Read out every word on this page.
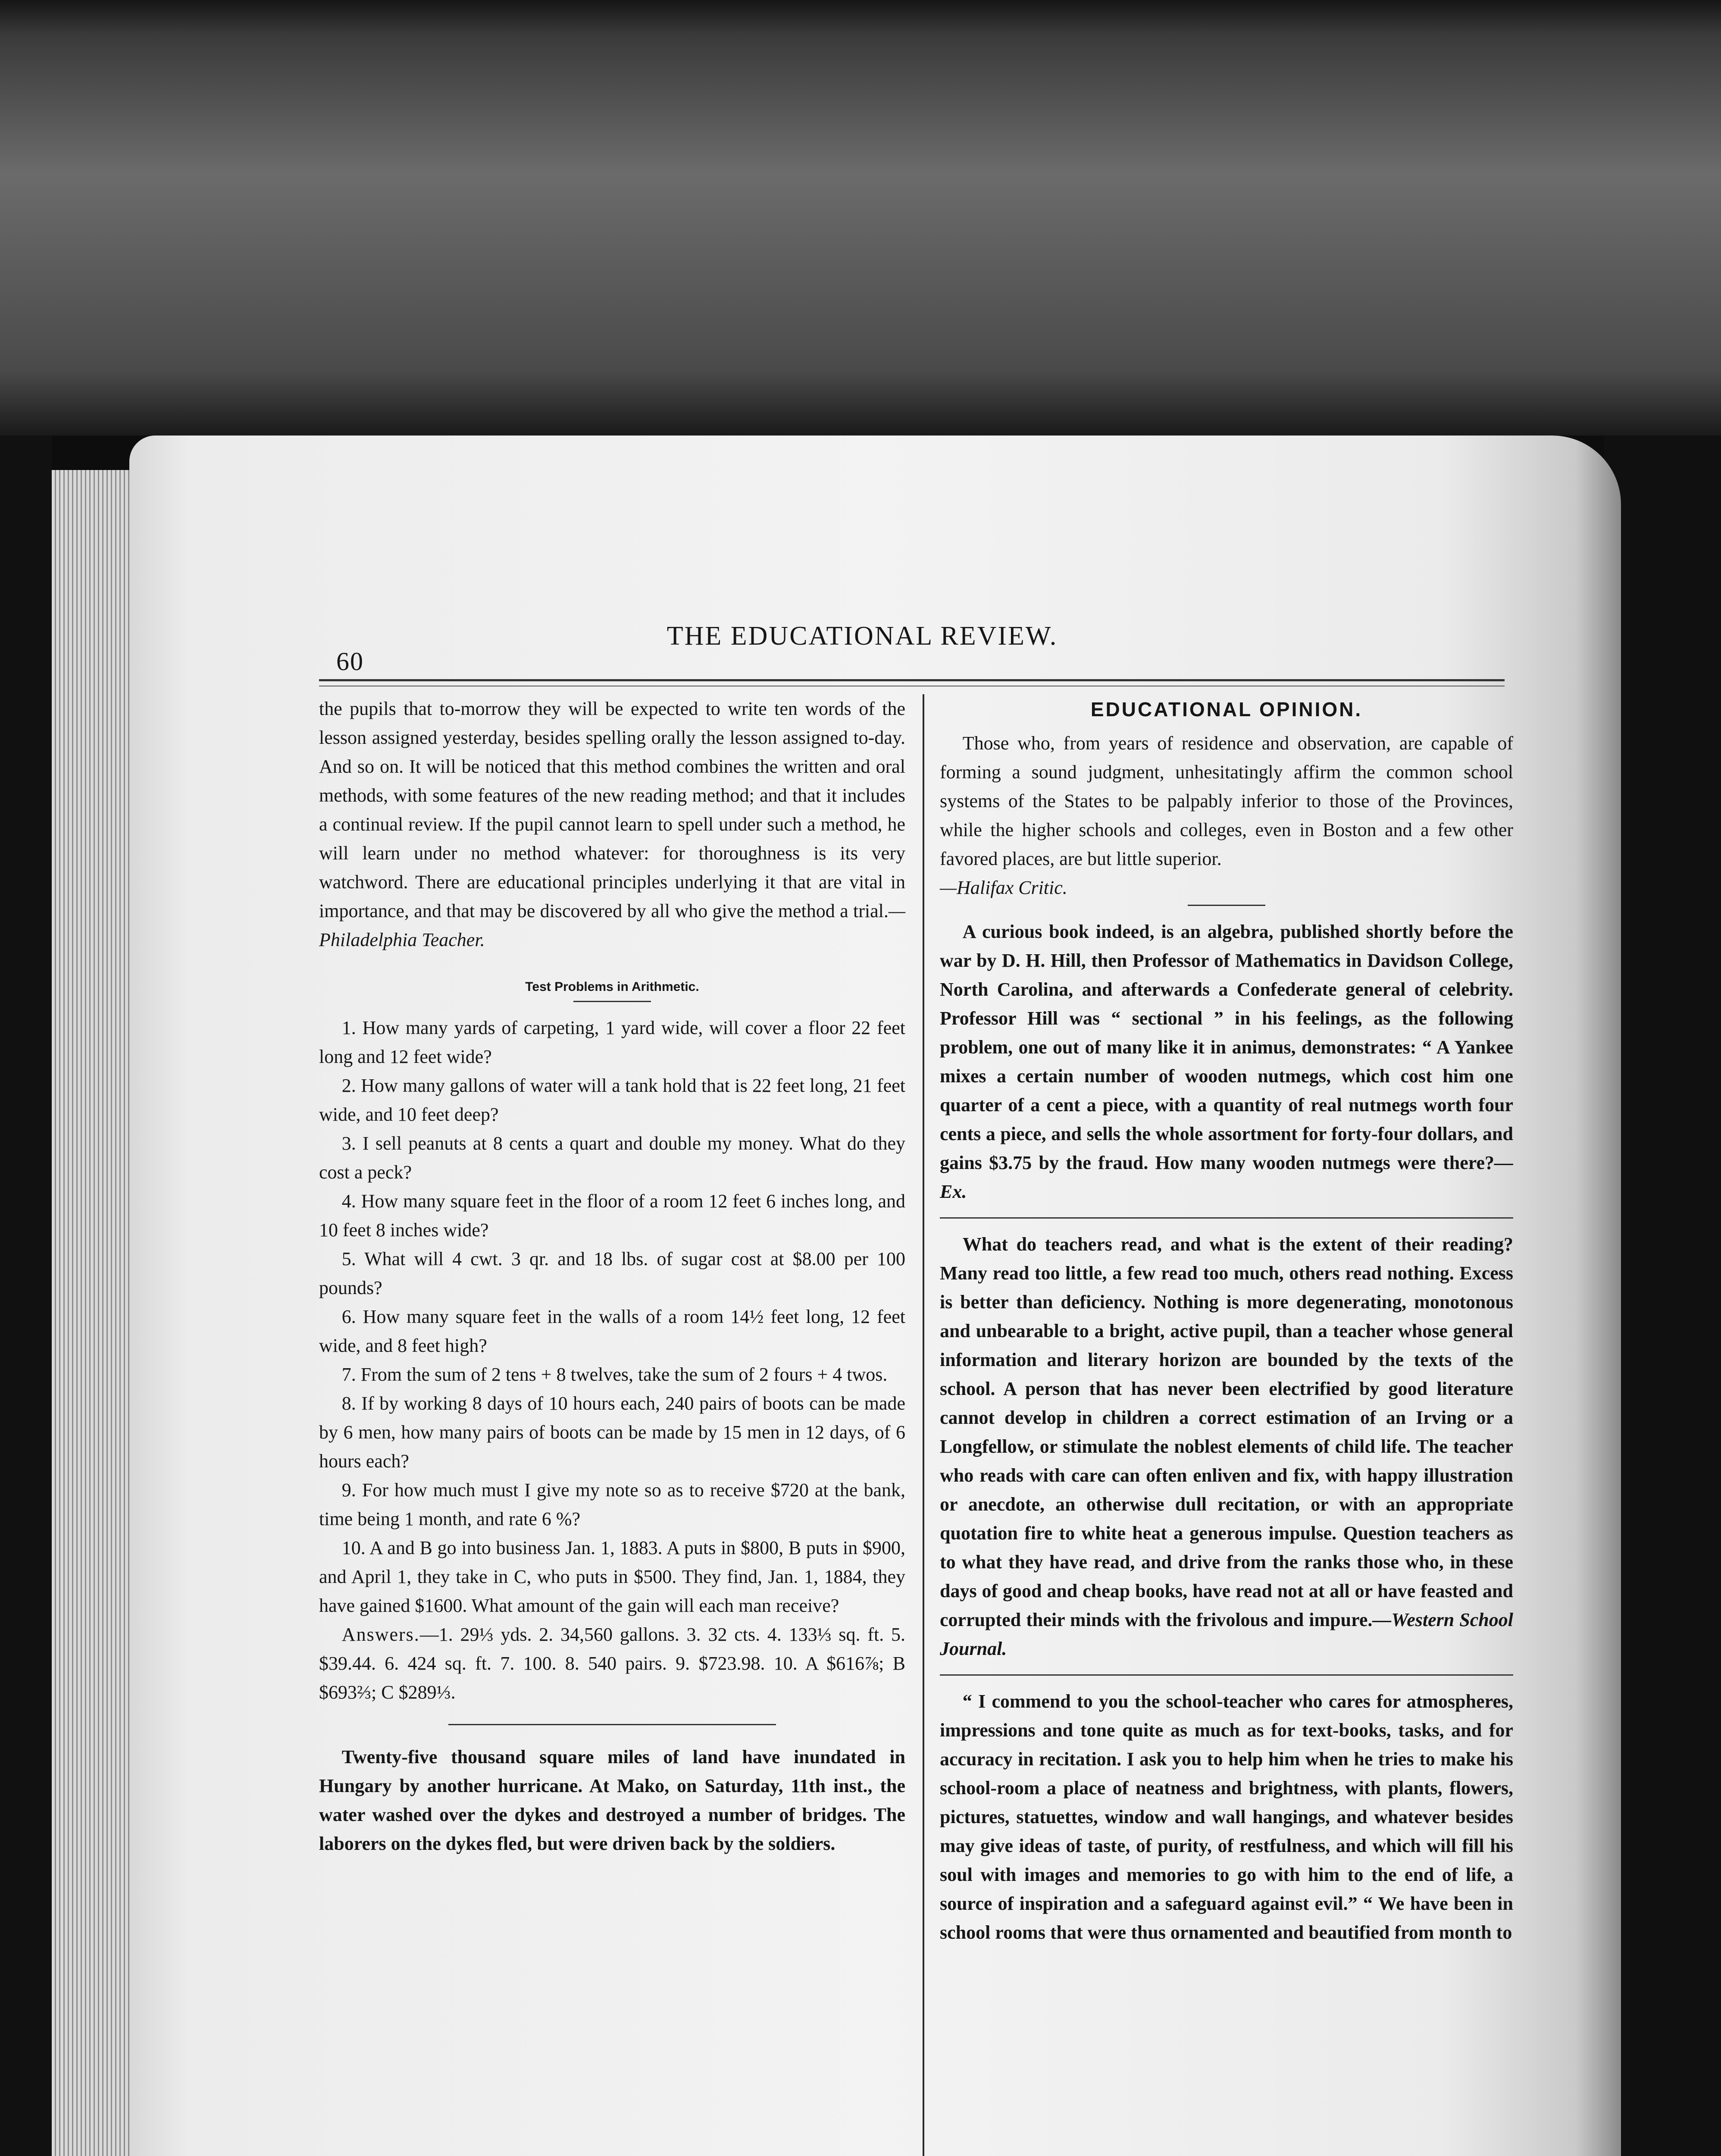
60
THE EDUCATIONAL REVIEW.

the pupils that to-morrow they will be expected to write ten words of the lesson assigned yesterday, besides spelling orally the lesson assigned to-day. And so on. It will be noticed that this method combines the written and oral methods, with some features of the new reading method; and that it includes a continual review. If the pupil cannot learn to spell under such a method, he will learn under no method whatever: for thoroughness is its very watchword. There are educational principles underlying it that are vital in importance, and that may be discovered by all who give the method a trial.—Philadelphia Teacher.

Test Problems in Arithmetic.

1. How many yards of carpeting, 1 yard wide, will cover a floor 22 feet long and 12 feet wide?

2. How many gallons of water will a tank hold that is 22 feet long, 21 feet wide, and 10 feet deep?

3. I sell peanuts at 8 cents a quart and double my money. What do they cost a peck?

4. How many square feet in the floor of a room 12 feet 6 inches long, and 10 feet 8 inches wide?

5. What will 4 cwt. 3 qr. and 18 lbs. of sugar cost at $8.00 per 100 pounds?

6. How many square feet in the walls of a room 14½ feet long, 12 feet wide, and 8 feet high?

7. From the sum of 2 tens + 8 twelves, take the sum of 2 fours + 4 twos.

8. If by working 8 days of 10 hours each, 240 pairs of boots can be made by 6 men, how many pairs of boots can be made by 15 men in 12 days, of 6 hours each?

9. For how much must I give my note so as to receive $720 at the bank, time being 1 month, and rate 6 %?

10. A and B go into business Jan. 1, 1883. A puts in $800, B puts in $900, and April 1, they take in C, who puts in $500. They find, Jan. 1, 1884, they have gained $1600. What amount of the gain will each man receive?

Answers.—1. 29⅓ yds. 2. 34,560 gallons. 3. 32 cts. 4. 133⅓ sq. ft. 5. $39.44. 6. 424 sq. ft. 7. 100. 8. 540 pairs. 9. $723.98. 10. A $616⅞; B $693⅔; C $289⅓.

Twenty-five thousand square miles of land have inundated in Hungary by another hurricane. At Mako, on Saturday, 11th inst., the water washed over the dykes and destroyed a number of bridges. The laborers on the dykes fled, but were driven back by the soldiers.

EDUCATIONAL OPINION.

Those who, from years of residence and observation, are capable of forming a sound judgment, unhesitatingly affirm the common school systems of the States to be palpably inferior to those of the Provinces, while the higher schools and colleges, even in Boston and a few other favored places, are but little superior.
—Halifax Critic.

A curious book indeed, is an algebra, published shortly before the war by D. H. Hill, then Professor of Mathematics in Davidson College, North Carolina, and afterwards a Confederate general of celebrity. Professor Hill was “ sectional ” in his feelings, as the following problem, one out of many like it in animus, demonstrates: “ A Yankee mixes a certain number of wooden nutmegs, which cost him one quarter of a cent a piece, with a quantity of real nutmegs worth four cents a piece, and sells the whole assortment for forty-four dollars, and gains $3.75 by the fraud. How many wooden nutmegs were there?—Ex.

What do teachers read, and what is the extent of their reading? Many read too little, a few read too much, others read nothing. Excess is better than deficiency. Nothing is more degenerating, monotonous and unbearable to a bright, active pupil, than a teacher whose general information and literary horizon are bounded by the texts of the school. A person that has never been electrified by good literature cannot develop in children a correct estimation of an Irving or a Longfellow, or stimulate the noblest elements of child life. The teacher who reads with care can often enliven and fix, with happy illustration or anecdote, an otherwise dull recitation, or with an appropriate quotation fire to white heat a generous impulse. Question teachers as to what they have read, and drive from the ranks those who, in these days of good and cheap books, have read not at all or have feasted and corrupted their minds with the frivolous and impure.—Western School Journal.

“ I commend to you the school-teacher who cares for atmospheres, impressions and tone quite as much as for text-books, tasks, and for accuracy in recitation. I ask you to help him when he tries to make his school-room a place of neatness and brightness, with plants, flowers, pictures, statuettes, window and wall hangings, and whatever besides may give ideas of taste, of purity, of restfulness, and which will fill his soul with images and memories to go with him to the end of life, a source of inspiration and a safeguard against evil.” “ We have been in school rooms that were thus ornamented and beautified from month to
